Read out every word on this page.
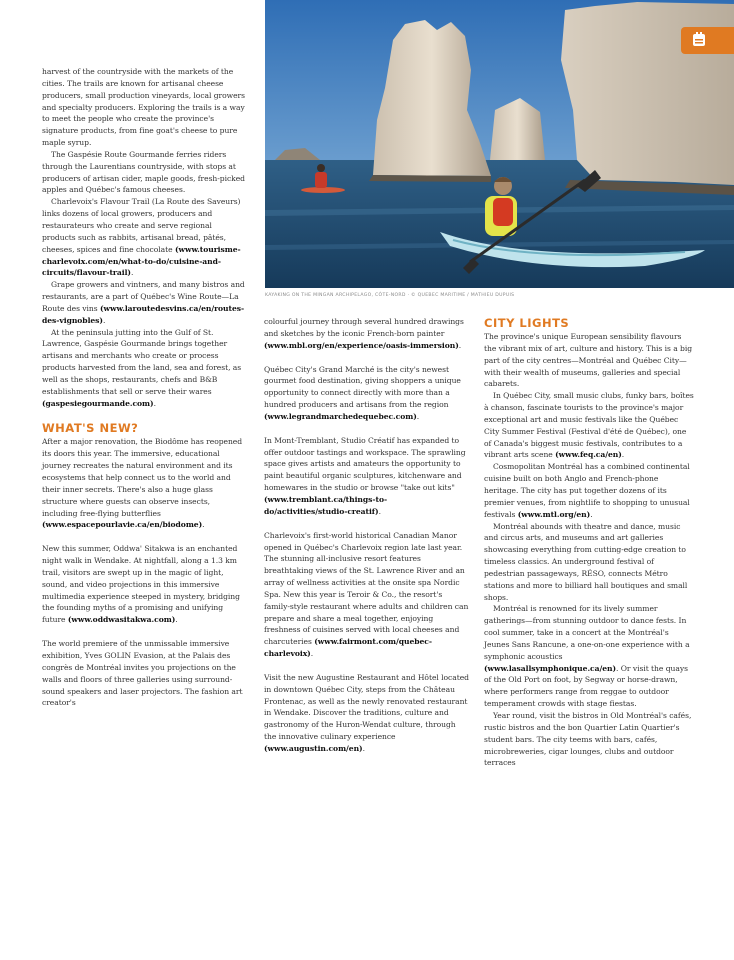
KAYAKING ON THE MINGAN ARCHIPELAGO, CÔTE-NORD · © QUEBEC MARITIME / MATHIEU DUPUIS

harvest of the countryside with the markets of the cities. The trails are known for artisanal cheese producers, small production vineyards, local growers and specialty producers. Exploring the trails is a way to meet the people who create the province's signature products, from fine goat's cheese to pure maple syrup.

The Gaspésie Route Gourmande ferries riders through the Laurentians countryside, with stops at producers of artisan cider, maple goods, fresh-picked apples and Québec's famous cheeses.

Charlevoix's Flavour Trail (La Route des Saveurs) links dozens of local growers, producers and restaurateurs who create and serve regional products such as rabbits, artisanal bread, pâtés, cheeses, spices and fine chocolate (www.tourisme-charlevoix.com/en/what-to-do/cuisine-and-circuits/flavour-trail).

Grape growers and vintners, and many bistros and restaurants, are a part of Québec's Wine Route—La Route des vins (www.laroutedesvins.ca/en/routes-des-vignobles).

At the peninsula jutting into the Gulf of St. Lawrence, Gaspésie Gourmande brings together artisans and merchants who create or process products harvested from the land, sea and forest, as well as the shops, restaurants, chefs and B&B establishments that sell or serve their wares (gaspesiegourmande.com).

WHAT'S NEW?

After a major renovation, the Biodôme has reopened its doors this year. The immersive, educational journey recreates the natural environment and its ecosystems that help connect us to the world and their inner secrets. There's also a huge glass structure where guests can observe insects, including free-flying butterflies (www.espacepourlavie.ca/en/biodome).

New this summer, Oddwa' Sitakwa is an enchanted night walk in Wendake. At nightfall, along a 1.3 km trail, visitors are swept up in the magic of light, sound, and video projections in this immersive multimedia experience steeped in mystery, bridging the founding myths of a promising and unifying future (www.oddwasitakwa.com).

The world premiere of the unmissable immersive exhibition, Yves GOLIN Evasion, at the Palais des congrès de Montréal invites you projections on the walls and floors of three galleries using surround-sound speakers and laser projectors. The fashion art creator's

colourful journey through several hundred drawings and sketches by the iconic French-born painter (www.mbl.org/en/experience/oasis-immersion).

Québec City's Grand Marché is the city's newest gourmet food destination, giving shoppers a unique opportunity to connect directly with more than a hundred producers and artisans from the region (www.legrandmarchedequebec.com).

In Mont-Tremblant, Studio Créatif has expanded to offer outdoor tastings and workspace. The sprawling space gives artists and amateurs the opportunity to paint beautiful organic sculptures, kitchenware and homewares in the studio or browse "take out kits" (www.tremblant.ca/things-to-do/activities/studio-creatif).

Charlevoix's first-world historical Canadian Manor opened in Québec's Charlevoix region late last year. The stunning all-inclusive resort features breathtaking views of the St. Lawrence River and an array of wellness activities at the onsite spa Nordic Spa. New this year is Teroir & Co., the resort's family-style restaurant where adults and children can prepare and share a meal together, enjoying freshness of cuisines served with local cheeses and charcuteries (www.fairmont.com/quebec-charlevoix).

Visit the new Augustine Restaurant and Hôtel located in downtown Québec City, steps from the Château Frontenac, as well as the newly renovated restaurant in Wendake. Discover the traditions, culture and gastronomy of the Huron-Wendat culture, through the innovative culinary experience (www.augustin.com/en).

CITY LIGHTS

The province's unique European sensibility flavours the vibrant mix of art, culture and history. This is a big part of the city centres—Montréal and Québec City—with their wealth of museums, galleries and special cabarets.

In Québec City, small music clubs, funky bars, boîtes à chanson, fascinate tourists to the province's major exceptional art and music festivals like the Québec City Summer Festival (Festival d'été de Québec), one of Canada's biggest music festivals, contributes to a vibrant arts scene (www.feq.ca/en).

Cosmopolitan Montréal has a combined continental cuisine built on both Anglo and French-phone heritage. The city has put together dozens of its premier venues, from nightlife to shopping to unusual festivals (www.mtl.org/en).

Montréal abounds with theatre and dance, music and circus arts, and museums and art galleries showcasing everything from cutting-edge creation to timeless classics. An underground festival of pedestrian passageways, RÉSO, connects Métro stations and more to billiard hall boutiques and small shops.

Montréal is renowned for its lively summer gatherings—from stunning outdoor to dance fests. In cool summer, take in a concert at the Montréal's Jeunes Sans Rancune, a one-on-one experience with a symphonic acoustics (www.lasallsymphonique.ca/en). Or visit the quays of the Old Port on foot, by Segway or horse-drawn, where performers range from reggae to outdoor temperament crowds with stage fiestas.

Year round, visit the bistros in Old Montréal's cafés, rustic bistros and the bon Quartier Latin Quartier's student bars. The city teems with bars, cafés, microbreweries, cigar lounges, clubs and outdoor terraces
